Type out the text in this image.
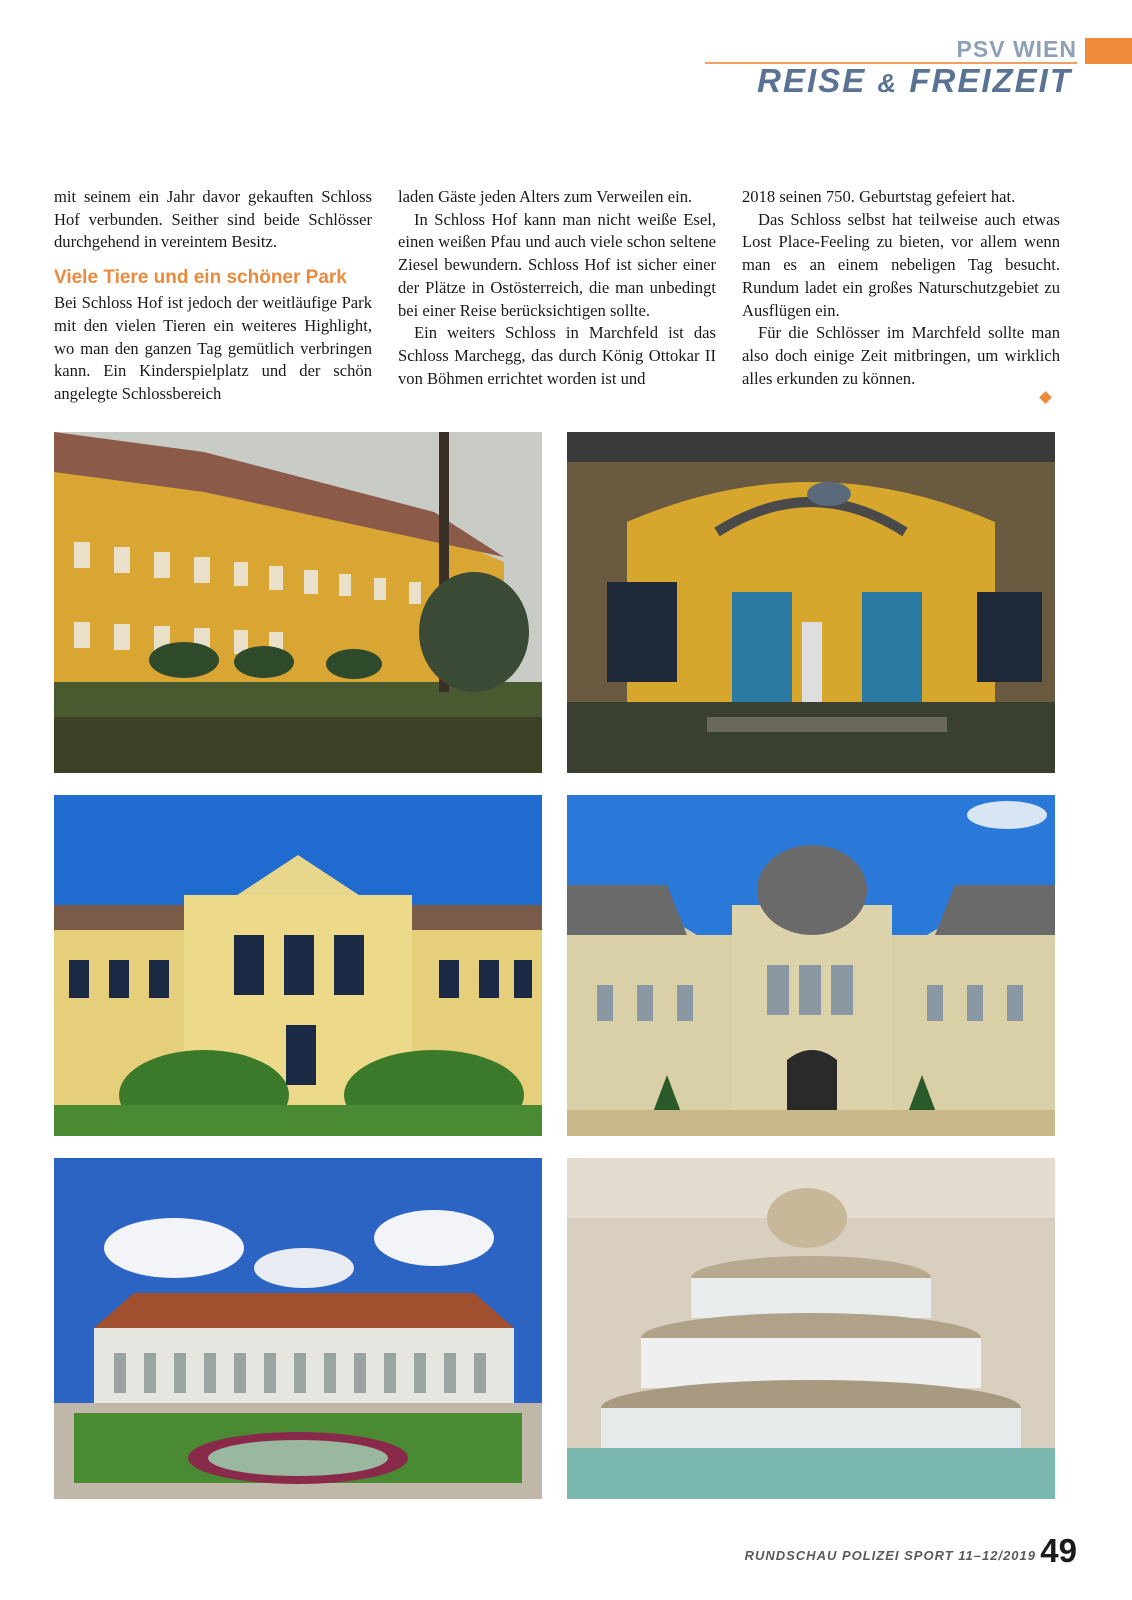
PSV WIEN
REISE & FREIZEIT

mit seinem ein Jahr davor gekauften Schloss Hof verbunden. Seither sind beide Schlösser durchgehend in vereintem Besitz.

Viele Tiere und ein schöner Park

Bei Schloss Hof ist jedoch der weitläufige Park mit den vielen Tieren ein weiteres Highlight, wo man den ganzen Tag gemütlich verbringen kann. Ein Kinderspielplatz und der schön angelegte Schlossbereich

laden Gäste jeden Alters zum Verweilen ein.

In Schloss Hof kann man nicht weiße Esel, einen weißen Pfau und auch viele schon seltene Ziesel bewundern. Schloss Hof ist sicher einer der Plätze in Ostösterreich, die man unbedingt bei einer Reise berücksichtigen sollte.

Ein weiters Schloss in Marchfeld ist das Schloss Marchegg, das durch König Ottokar II von Böhmen errichtet worden ist und

2018 seinen 750. Geburtstag gefeiert hat.

Das Schloss selbst hat teilweise auch etwas Lost Place-Feeling zu bieten, vor allem wenn man es an einem nebeligen Tag besucht. Rundum ladet ein großes Naturschutzgebiet zu Ausflügen ein.

Für die Schlösser im Marchfeld sollte man also doch einige Zeit mitbringen, um wirklich alles erkunden zu können.

RUNDSCHAU POLIZEI SPORT 11–12/2019 49
